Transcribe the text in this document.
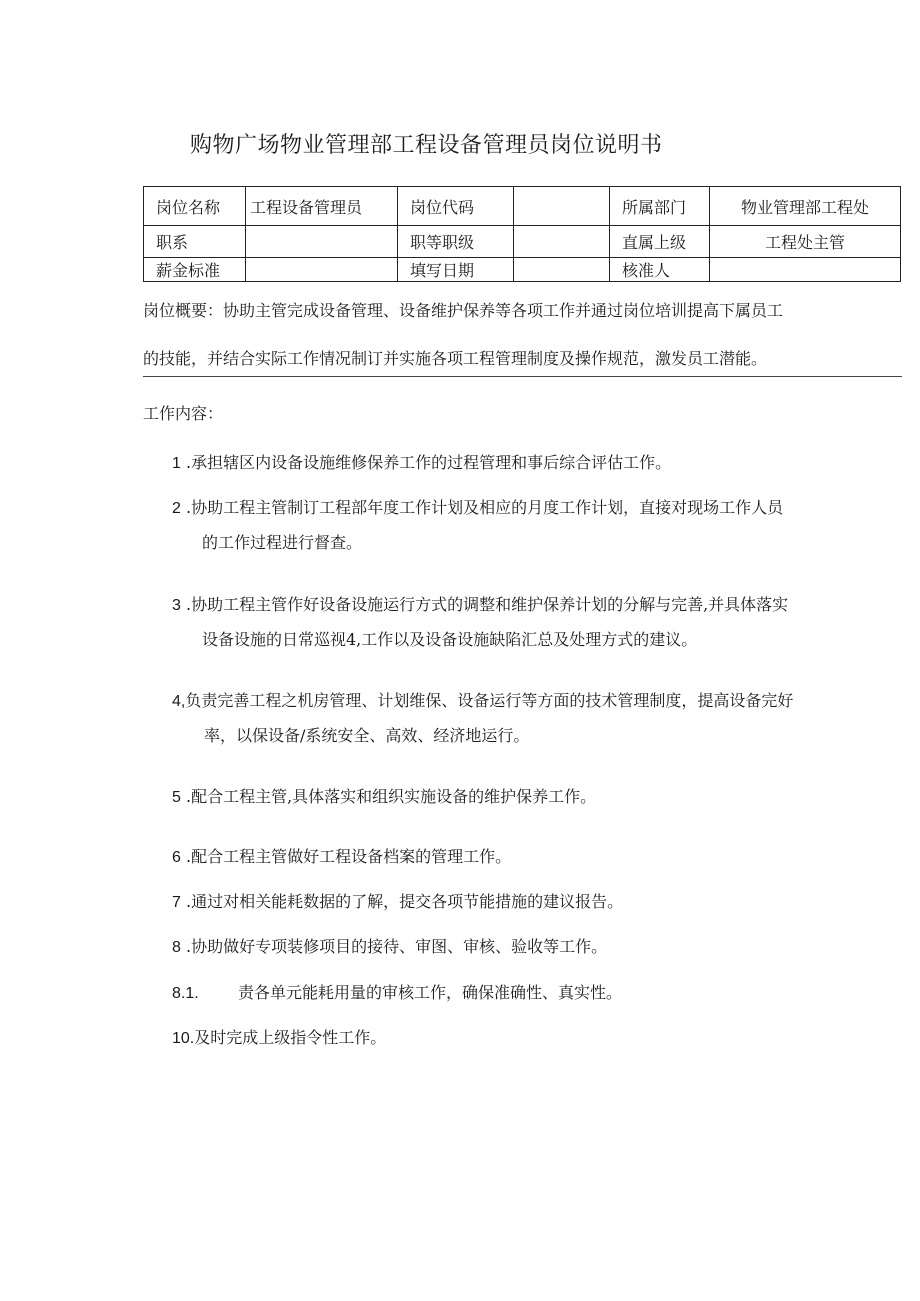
购物广场物业管理部工程设备管理员岗位说明书
岗位名称	工程设备管理员	岗位代码		所属部门	物业管理部工程处
职系		职等职级		直属上级	工程处主管
薪金标准		填写日期		核准人	
岗位概要：协助主管完成设备管理、设备维护保养等各项工作并通过岗位培训提高下属员工
的技能，并结合实际工作情况制订并实施各项工程管理制度及操作规范，激发员工潜能。
工作内容：
1 .承担辖区内设备设施维修保养工作的过程管理和事后综合评估工作。
2 .协助工程主管制订工程部年度工作计划及相应的月度工作计划，直接对现场工作人员
的工作过程进行督查。
3 .协助工程主管作好设备设施运行方式的调整和维护保养计划的分解与完善,并具体落实
设备设施的日常巡视4,工作以及设备设施缺陷汇总及处理方式的建议。
4,负责完善工程之机房管理、计划维保、设备运行等方面的技术管理制度，提高设备完好
率，以保设备/系统安全、高效、经济地运行。
5 .配合工程主管,具体落实和组织实施设备的维护保养工作。
6 .配合工程主管做好工程设备档案的管理工作。
7 .通过对相关能耗数据的了解，提交各项节能措施的建议报告。
8 .协助做好专项装修项目的接待、审图、审核、验收等工作。
8.1. 责各单元能耗用量的审核工作，确保准确性、真实性。
10.及时完成上级指令性工作。
